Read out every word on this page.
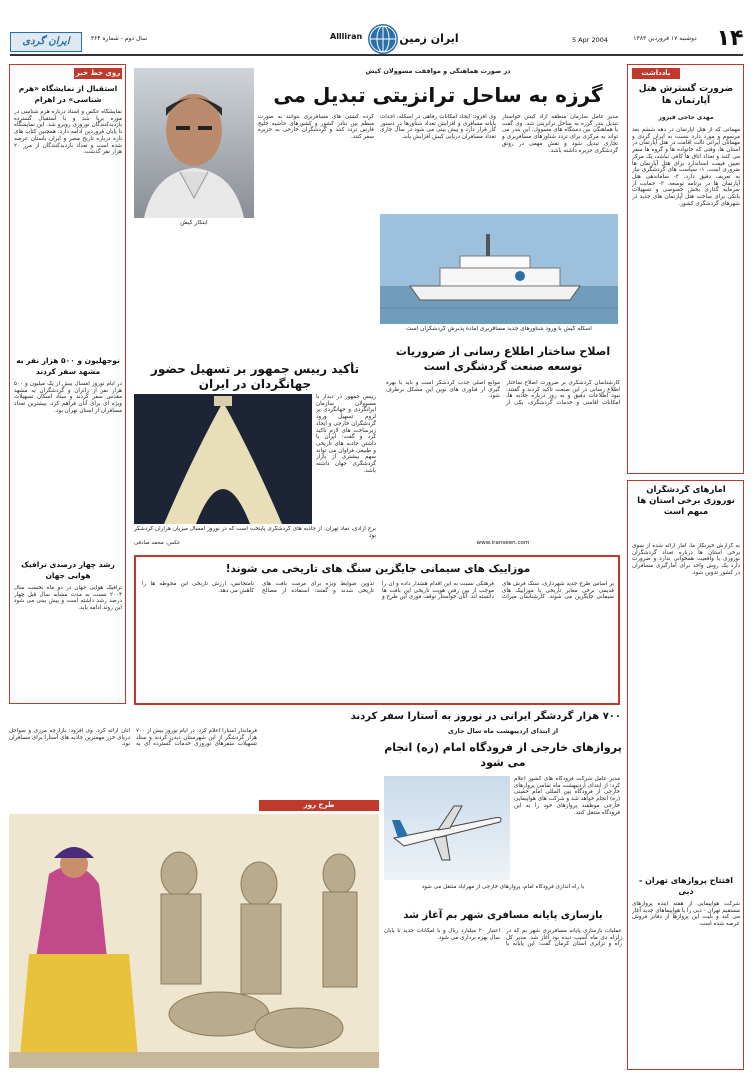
ایران گردی	سال دوم - شماره ۳۶۴	5 Apr 2004	دوشنبه ۱۷ فروردین ۱۳۸۳ ۱۴
Allliran	ایران زمین
یادداشت
ضرورت گسترش هتل آپارتمان ها
مهدی حاجی فیروز
مهمانی که از هتل آپارتمان در دهه ششم بعد مرسوم و مورد دارد نسبت به ایران گردی و مهمانان ایرانی ثالث اقامت در هتل آپارتمان در استان ها، وقتی که خانواده ها و گروه ها سفر می کنند و تعداد اتاق ها کافی نباشد، یک مرکز تعیین قیمت استاندارد برای هتل آپارتمان ها ضروری است. ۱- سیاست های گردشگری نیاز به تعریف دقیق دارد. ۲- ساماندهی هتل آپارتمان ها در برنامه توسعه. ۳- حمایت از سرمایه گذاری بخش خصوصی و تسهیلات بانکی برای ساخت هتل آپارتمان های جدید در شهرهای گردشگری کشور.
آمارهای گردشگران نوروزی برخی استان ها مبهم است
به گزارش خبرنگار ما، آمار ارائه شده از سوی برخی استان ها درباره تعداد گردشگران نوروزی با واقعیت همخوانی ندارد و ضرورت دارد یک روش واحد برای آمارگیری مسافران در کشور تدوین شود.
افتتاح پروازهای تهران - دبی
شرکت هواپیمایی از هفته آینده پروازهای مستقیم تهران - دبی را با هواپیماهای جدید آغاز می کند و بلیت این پروازها از دفاتر فروش عرضه شده است.
روی خط خبر
استقبال از نمایشگاه «هرم شناسی» در اهرام
نمایشگاه عکس و اسناد درباره هرم شناسی در موزه برپا شد و با استقبال گسترده بازدیدکنندگان نوروزی روبرو شد. این نمایشگاه تا پایان فروردین ادامه دارد. همچنین کتاب های تازه درباره تاریخ مصر و ایران باستان عرضه شده است و تعداد بازدیدکنندگان از مرز ۲۰ هزار نفر گذشت.
نوحهلیون و ۵۰۰ هزار نفر به مشهد سفر کردند
در ایام نوروز امسال بیش از یک میلیون و ۵۰۰ هزار نفر از زائران و گردشگران به مشهد مقدس سفر کردند و ستاد اسکان تسهیلات ویژه ای برای آنان فراهم کرد. بیشترین تعداد مسافران از استان تهران بود.
رشد چهار درصدی ترافیک هوایی جهان
ترافیک هوایی جهان در دو ماه نخست سال ۲۰۰۴ نسبت به مدت مشابه سال قبل چهار درصد رشد داشته است و پیش بینی می شود این روند ادامه یابد.
در صورت هماهنگی و موافقت مسوولان کیش
گرزه به ساحل ترانزیتی تبدیل می
مدیر عامل سازمان منطقه آزاد کیش خواستار تبدیل بندر گرزه به ساحل ترانزیتی شد. وی گفت با هماهنگی بین دستگاه های مسوول، این بندر می تواند به مرکزی برای تردد شناورهای مسافربری و تجاری تبدیل شود و نقش مهمی در رونق گردشگری جزیره داشته باشد.
وی افزود: ایجاد امکانات رفاهی در اسکله، احداث پایانه مسافری و افزایش تعداد شناورها در دستور کار قرار دارد و پیش بینی می شود در سال جاری تعداد مسافران دریایی کیش افزایش یابد.
کرده کشتی های مسافربری بتوانند به صورت منظم بین بنادر کشور و کشورهای حاشیه خلیج فارس تردد کنند و گردشگران خارجی به جزیره سفر کنند.
اسکله کیش با ورود شناورهای جدید مسافربری آماده پذیرش گردشگران است
ابتکار کیش
تأکید رییس جمهور بر تسهیل حضور جهانگردان در ایران
رییس جمهور در دیدار با مسوولان سازمان ایرانگردی و جهانگردی بر لزوم تسهیل ورود گردشگران خارجی و ایجاد زیرساخت های لازم تاکید کرد و گفت: ایران با داشتن جاذبه های تاریخی و طبیعی فراوان می تواند سهم بیشتری از بازار گردشگری جهان داشته باشد.
برج آزادی، نماد تهران، از جاذبه های گردشگری پایتخت است که در نوروز امسال میزبان هزاران گردشگر بود
عکس: محمد صادقی
اصلاح ساختار اطلاع رسانی از ضروریات توسعه صنعت گردشگری است
کارشناسان گردشگری بر ضرورت اصلاح ساختار اطلاع رسانی در این صنعت تاکید کردند و گفتند: نبود اطلاعات دقیق و به روز درباره جاذبه ها، امکانات اقامتی و خدمات گردشگری، یکی از موانع اصلی جذب گردشگر است و باید با بهره گیری از فناوری های نوین این مشکل برطرف شود.
www.iranseen.com
موزاییک های سیمانی جایگزین سنگ های تاریخی می شوند!
بر اساس طرح جدید شهرداری، سنگ فرش های قدیمی برخی معابر تاریخی با موزاییک های سیمانی جایگزین می شوند. کارشناسان میراث فرهنگی نسبت به این اقدام هشدار داده و آن را موجب از بین رفتن هویت تاریخی این بافت ها دانسته اند. آنان خواستار توقف فوری این طرح و تدوین ضوابط ویژه برای مرمت بافت های تاریخی شدند و گفتند: استفاده از مصالح نامتجانس، ارزش تاریخی این محوطه ها را کاهش می دهد.
۷۰۰ هزار گردشگر ایرانی در نوروز به آستارا سفر کردند
فرماندار آستارا اعلام کرد: در ایام نوروز بیش از ۷۰۰ هزار گردشگر از این شهرستان دیدن کردند و ستاد تسهیلات سفرهای نوروزی خدمات گسترده ای به آنان ارائه کرد. وی افزود: بازارچه مرزی و سواحل دریای خزر مهمترین جاذبه های آستارا برای مسافران بود.
از ابتدای اردیبهشت ماه سال جاری
پروازهای خارجی از فرودگاه امام (ره) انجام می شود
مدیر عامل شرکت فرودگاه های کشور اعلام کرد: از ابتدای اردیبهشت ماه تمامی پروازهای خارجی از فرودگاه بین المللی امام خمینی (ره) انجام خواهد شد و شرکت های هواپیمایی خارجی موظفند پروازهای خود را به این فرودگاه منتقل کنند.
با راه اندازی فرودگاه امام، پروازهای خارجی از مهرآباد منتقل می شود
بازسازی پایانه مسافری شهر بم آغاز شد
عملیات بازسازی پایانه مسافربری شهر بم که در زلزله دی ماه آسیب دیده بود آغاز شد. مدیر کل راه و ترابری استان کرمان گفت: این پایانه با اعتبار ۲۰ میلیارد ریال و با امکانات جدید تا پایان سال بهره برداری می شود.
طرح روز
